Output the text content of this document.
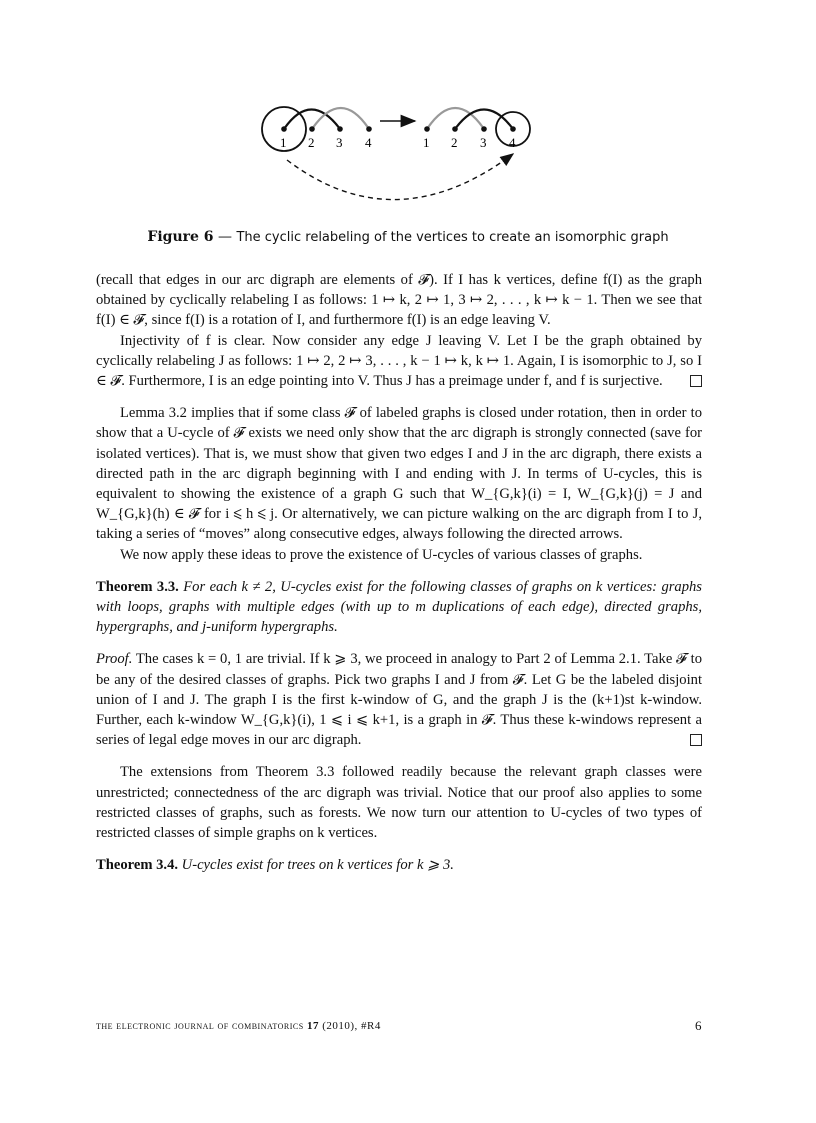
1 2 3 4	1 2 3 4
Figure 6 — The cyclic relabeling of the vertices to create an isomorphic graph

(recall that edges in our arc digraph are elements of 𝓕). If I has k vertices, define f(I) as the graph obtained by cyclically relabeling I as follows: 1 ↦ k, 2 ↦ 1, 3 ↦ 2, . . . , k ↦ k − 1. Then we see that f(I) ∈ 𝓕, since f(I) is a rotation of I, and furthermore f(I) is an edge leaving V.

Injectivity of f is clear. Now consider any edge J leaving V. Let I be the graph obtained by cyclically relabeling J as follows: 1 ↦ 2, 2 ↦ 3, . . . , k − 1 ↦ k, k ↦ 1. Again, I is isomorphic to J, so I ∈ 𝓕. Furthermore, I is an edge pointing into V. Thus J has a preimage under f, and f is surjective.

Lemma 3.2 implies that if some class 𝓕 of labeled graphs is closed under rotation, then in order to show that a U-cycle of 𝓕 exists we need only show that the arc digraph is strongly connected (save for isolated vertices). That is, we must show that given two edges I and J in the arc digraph, there exists a directed path in the arc digraph beginning with I and ending with J. In terms of U-cycles, this is equivalent to showing the existence of a graph G such that W_{G,k}(i) = I, W_{G,k}(j) = J and W_{G,k}(h) ∈ 𝓕 for i ⩽ h ⩽ j. Or alternatively, we can picture walking on the arc digraph from I to J, taking a series of “moves” along consecutive edges, always following the directed arrows.

We now apply these ideas to prove the existence of U-cycles of various classes of graphs.

Theorem 3.3. For each k ≠ 2, U-cycles exist for the following classes of graphs on k vertices: graphs with loops, graphs with multiple edges (with up to m duplications of each edge), directed graphs, hypergraphs, and j-uniform hypergraphs.

Proof. The cases k = 0, 1 are trivial. If k ⩾ 3, we proceed in analogy to Part 2 of Lemma 2.1. Take 𝓕 to be any of the desired classes of graphs. Pick two graphs I and J from 𝓕. Let G be the labeled disjoint union of I and J. The graph I is the first k-window of G, and the graph J is the (k+1)st k-window. Further, each k-window W_{G,k}(i), 1 ⩽ i ⩽ k+1, is a graph in 𝓕. Thus these k-windows represent a series of legal edge moves in our arc digraph.

The extensions from Theorem 3.3 followed readily because the relevant graph classes were unrestricted; connectedness of the arc digraph was trivial. Notice that our proof also applies to some restricted classes of graphs, such as forests. We now turn our attention to U-cycles of two types of restricted classes of simple graphs on k vertices.

Theorem 3.4. U-cycles exist for trees on k vertices for k ⩾ 3.

the electronic journal of combinatorics 17 (2010), #R4	6
